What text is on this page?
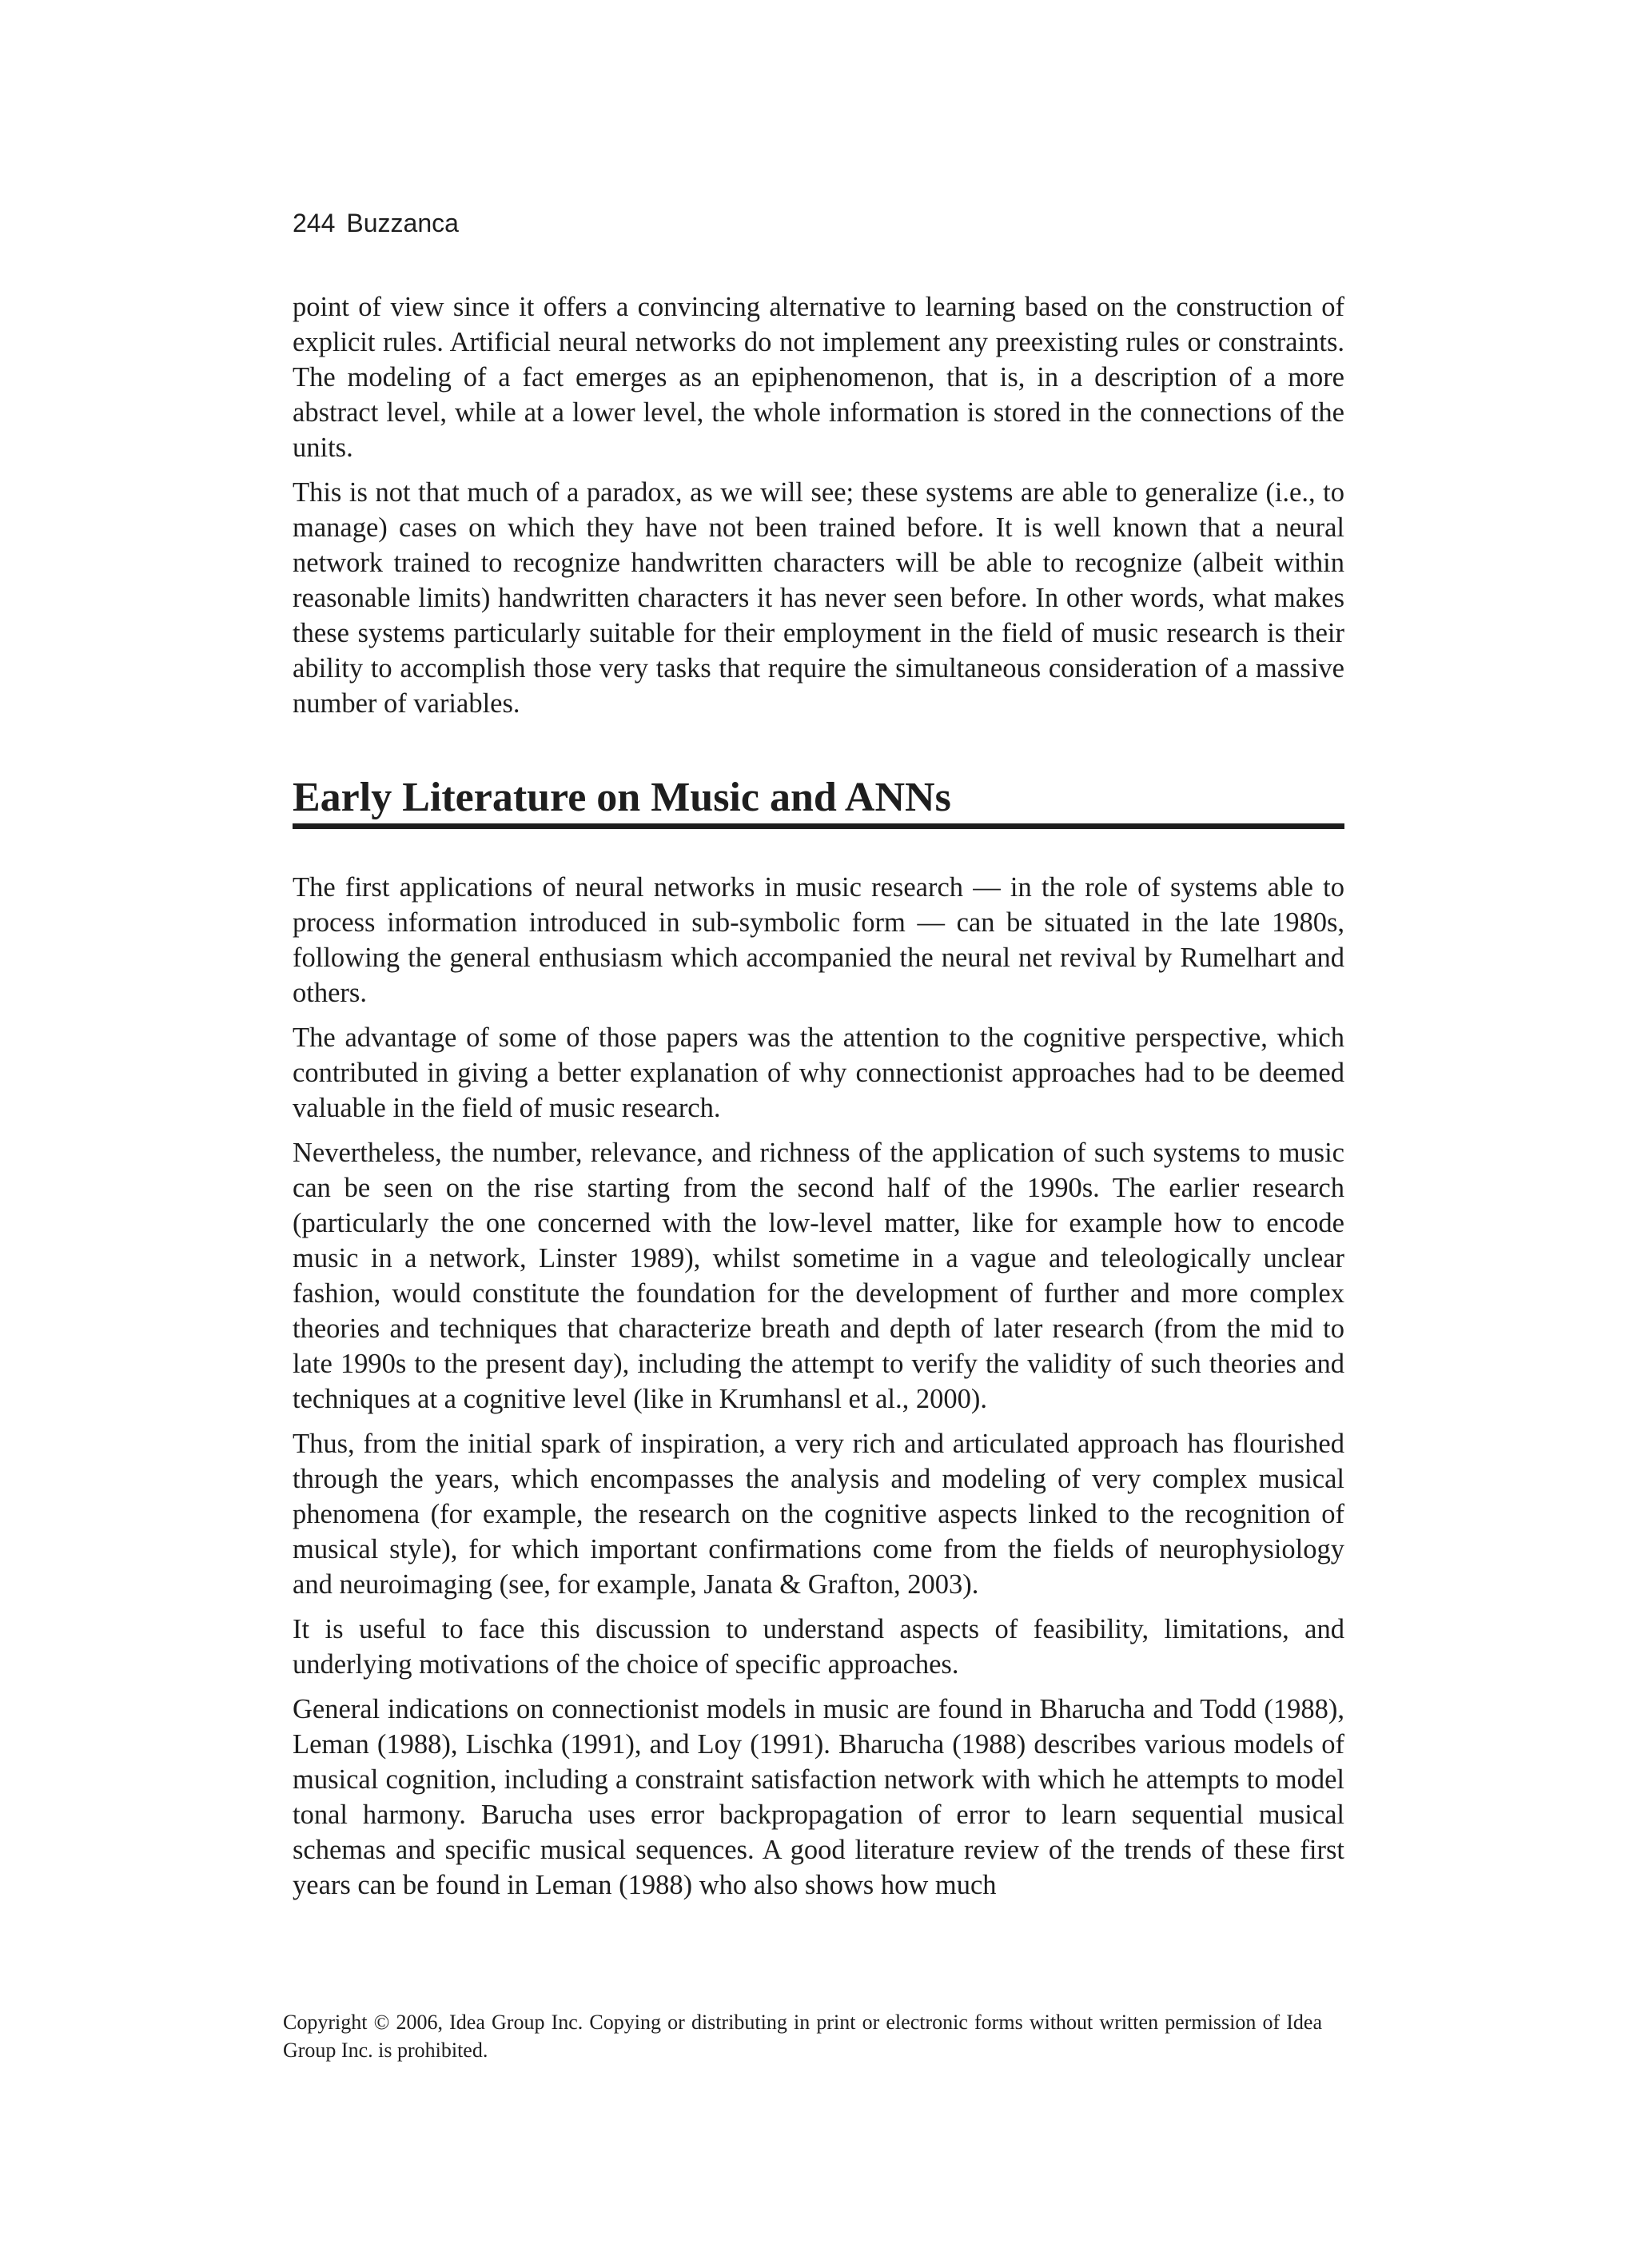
244 Buzzanca

point of view since it offers a convincing alternative to learning based on the construction of explicit rules. Artificial neural networks do not implement any preexisting rules or constraints. The modeling of a fact emerges as an epiphenomenon, that is, in a description of a more abstract level, while at a lower level, the whole information is stored in the connections of the units.

This is not that much of a paradox, as we will see; these systems are able to generalize (i.e., to manage) cases on which they have not been trained before. It is well known that a neural network trained to recognize handwritten characters will be able to recognize (albeit within reasonable limits) handwritten characters it has never seen before. In other words, what makes these systems particularly suitable for their employment in the field of music research is their ability to accomplish those very tasks that require the simultaneous consideration of a massive number of variables.

Early Literature on Music and ANNs

The first applications of neural networks in music research — in the role of systems able to process information introduced in sub-symbolic form — can be situated in the late 1980s, following the general enthusiasm which accompanied the neural net revival by Rumelhart and others.

The advantage of some of those papers was the attention to the cognitive perspective, which contributed in giving a better explanation of why connectionist approaches had to be deemed valuable in the field of music research.

Nevertheless, the number, relevance, and richness of the application of such systems to music can be seen on the rise starting from the second half of the 1990s. The earlier research (particularly the one concerned with the low-level matter, like for example how to encode music in a network, Linster 1989), whilst sometime in a vague and teleologically unclear fashion, would constitute the foundation for the development of further and more complex theories and techniques that characterize breath and depth of later research (from the mid to late 1990s to the present day), including the attempt to verify the validity of such theories and techniques at a cognitive level (like in Krumhansl et al., 2000).

Thus, from the initial spark of inspiration, a very rich and articulated approach has flourished through the years, which encompasses the analysis and modeling of very complex musical phenomena (for example, the research on the cognitive aspects linked to the recognition of musical style), for which important confirmations come from the fields of neurophysiology and neuroimaging (see, for example, Janata & Grafton, 2003).

It is useful to face this discussion to understand aspects of feasibility, limitations, and underlying motivations of the choice of specific approaches.

General indications on connectionist models in music are found in Bharucha and Todd (1988), Leman (1988), Lischka (1991), and Loy (1991). Bharucha (1988) describes various models of musical cognition, including a constraint satisfaction network with which he attempts to model tonal harmony. Barucha uses error backpropagation of error to learn sequential musical schemas and specific musical sequences. A good literature review of the trends of these first years can be found in Leman (1988) who also shows how much

Copyright © 2006, Idea Group Inc. Copying or distributing in print or electronic forms without written permission of Idea Group Inc. is prohibited.
